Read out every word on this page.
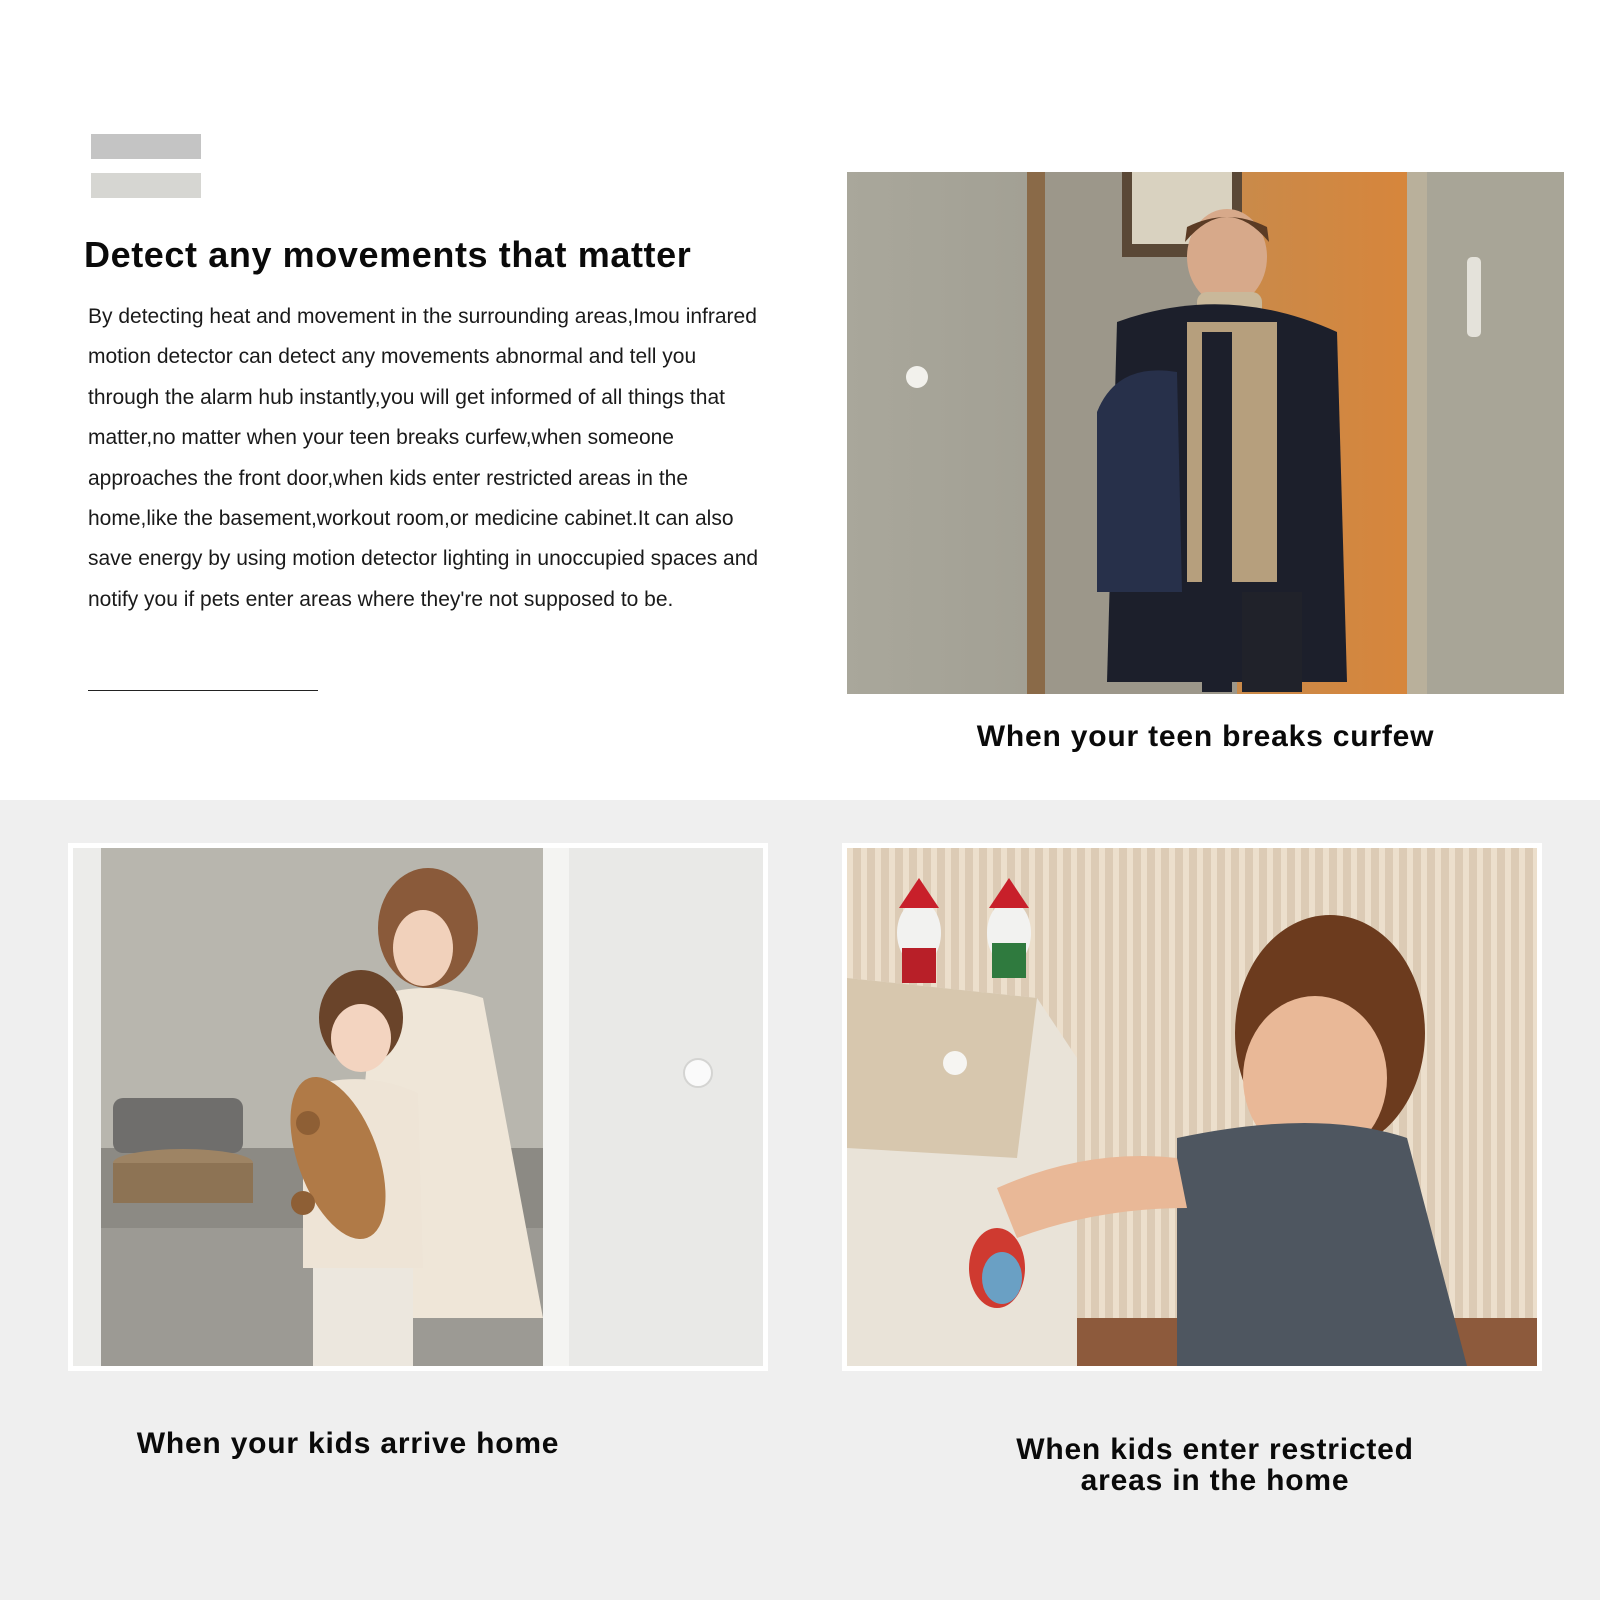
Detect any movements that matter

By detecting heat and movement in the surrounding areas,Imou infrared motion detector can detect any movements abnormal and tell you through the alarm hub instantly,you will get informed of all things that matter,no matter when your teen breaks curfew,when someone approaches the front door,when kids enter restricted areas in the home,like the basement,workout room,or medicine cabinet.It can also save energy by using motion detector lighting in unoccupied spaces and notify you if pets enter areas where they're not supposed to be.

When your teen breaks curfew
When your kids arrive home	When kids enter restricted
areas in the home
